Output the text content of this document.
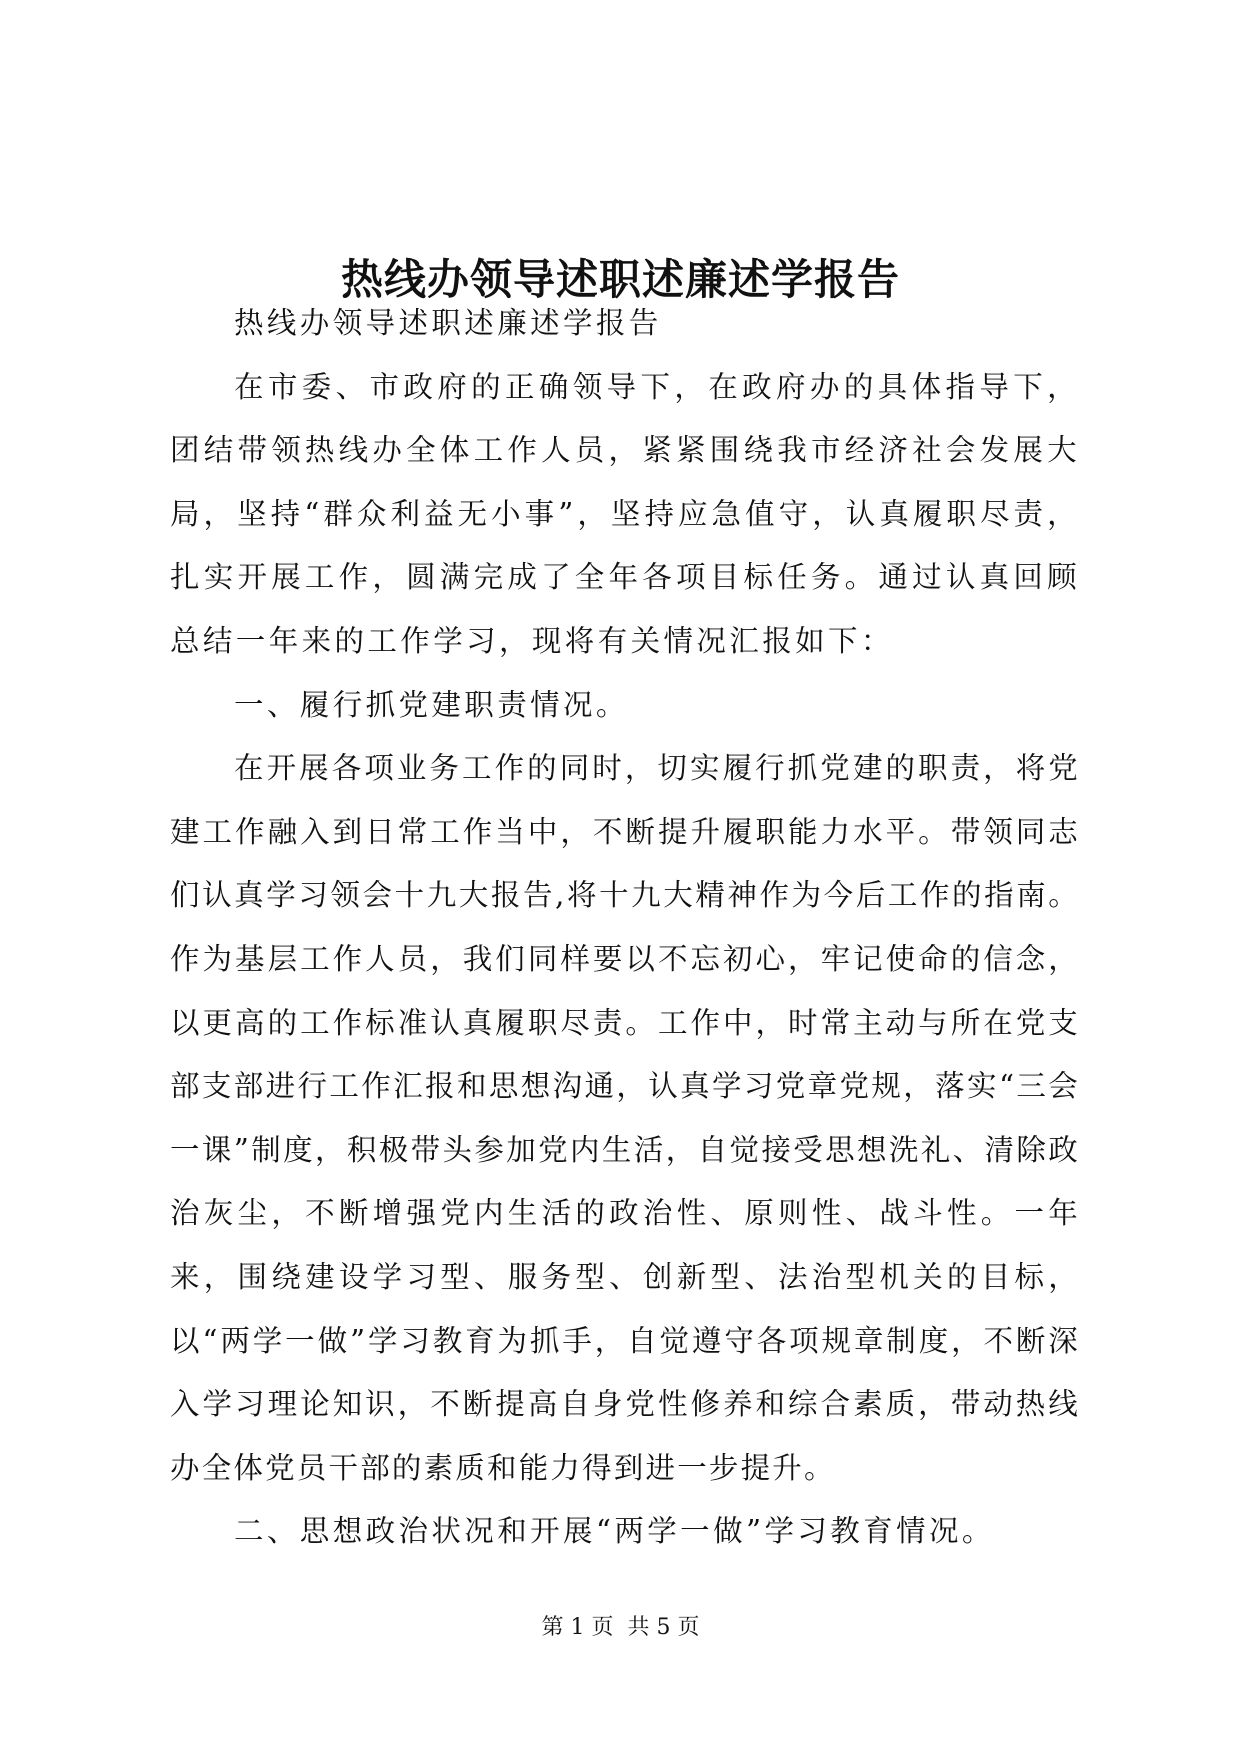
热线办领导述职述廉述学报告

热线办领导述职述廉述学报告

在市委、市政府的正确领导下，在政府办的具体指导下，团结带领热线办全体工作人员，紧紧围绕我市经济社会发展大局，坚持“群众利益无小事”，坚持应急值守，认真履职尽责，扎实开展工作，圆满完成了全年各项目标任务。通过认真回顾总结一年来的工作学习，现将有关情况汇报如下：

一、履行抓党建职责情况。

在开展各项业务工作的同时，切实履行抓党建的职责，将党建工作融入到日常工作当中，不断提升履职能力水平。带领同志们认真学习领会十九大报告,将十九大精神作为今后工作的指南。作为基层工作人员，我们同样要以不忘初心，牢记使命的信念，以更高的工作标准认真履职尽责。工作中，时常主动与所在党支部支部进行工作汇报和思想沟通，认真学习党章党规，落实“三会一课”制度，积极带头参加党内生活，自觉接受思想洗礼、清除政治灰尘，不断增强党内生活的政治性、原则性、战斗性。一年来，围绕建设学习型、服务型、创新型、法治型机关的目标，以“两学一做”学习教育为抓手，自觉遵守各项规章制度，不断深入学习理论知识，不断提高自身党性修养和综合素质，带动热线办全体党员干部的素质和能力得到进一步提升。

二、思想政治状况和开展“两学一做”学习教育情况。

第 1 页  共 5 页
